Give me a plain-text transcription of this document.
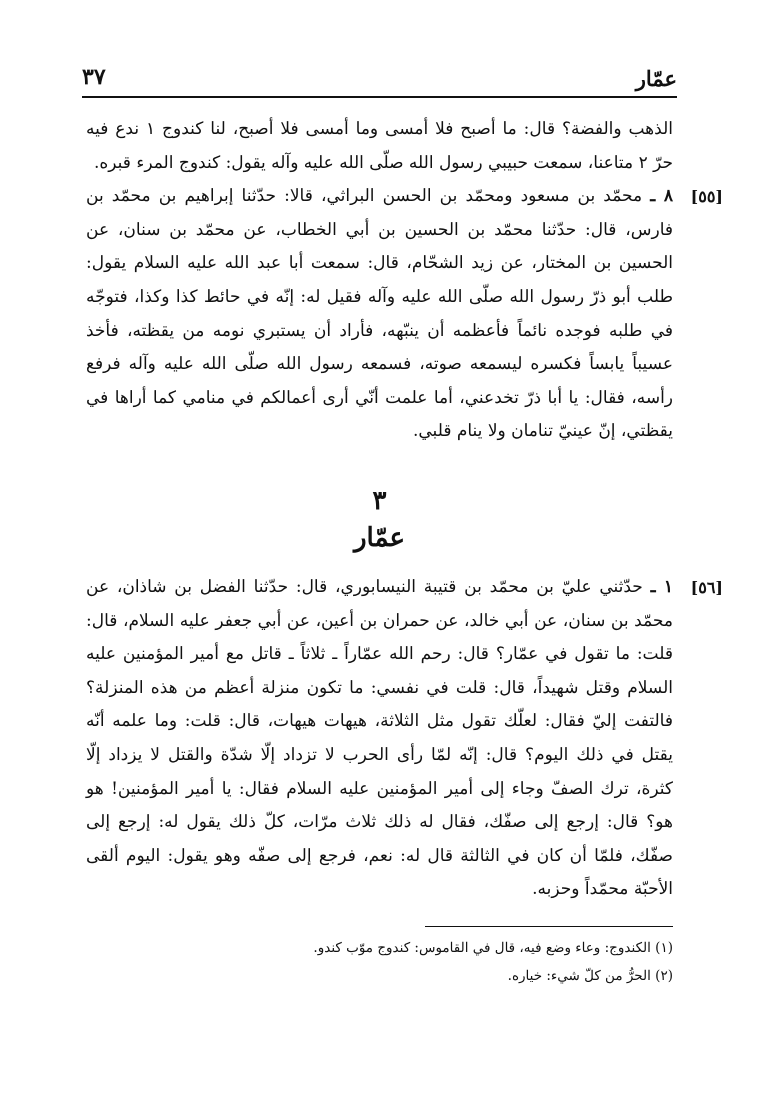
عمّار
٣٧

الذهب والفضة؟ قال: ما أصبح فلا أمسى وما أمسى فلا أصبح، لنا كندوج ١ ندع فيه حرّ ٢ متاعنا، سمعت حبيبي رسول الله صلّى الله عليه وآله يقول: كندوج المرء قبره.

[٥٥]

٨ ـ محمّد بن مسعود ومحمّد بن الحسن البراثي، قالا: حدّثنا إبراهيم بن محمّد بن فارس، قال: حدّثنا محمّد بن الحسين بن أبي الخطاب، عن محمّد بن سنان، عن الحسين بن المختار، عن زيد الشحّام، قال: سمعت أبا عبد الله عليه السلام يقول: طلب أبو ذرّ رسول الله صلّى الله عليه وآله فقيل له: إنّه في حائط كذا وكذا، فتوجّه في طلبه فوجده نائماً فأعظمه أن ينبّهه، فأراد أن يستبري نومه من يقظته، فأخذ عسيباً يابساً فكسره ليسمعه صوته، فسمعه رسول الله صلّى الله عليه وآله فرفع رأسه، فقال: يا أبا ذرّ تخدعني، أما علمت أنّي أرى أعمالكم في منامي كما أراها في يقظتي، إنّ عينيّ تنامان ولا ينام قلبي.

٣
عمّار
[٥٦]

١ ـ حدّثني عليّ بن محمّد بن قتيبة النيسابوري، قال: حدّثنا الفضل بن شاذان، عن محمّد بن سنان، عن أبي خالد، عن حمران بن أعين، عن أبي جعفر عليه السلام، قال: قلت: ما تقول في عمّار؟ قال: رحم الله عمّاراً ـ ثلاثاً ـ قاتل مع أمير المؤمنين عليه السلام وقتل شهيداً، قال: قلت في نفسي: ما تكون منزلة أعظم من هذه المنزلة؟ فالتفت إليّ فقال: لعلّك تقول مثل الثلاثة، هيهات هيهات، قال: قلت: وما علمه أنّه يقتل في ذلك اليوم؟ قال: إنّه لمّا رأى الحرب لا تزداد إلّا شدّة والقتل لا يزداد إلّا كثرة، ترك الصفّ وجاء إلى أمير المؤمنين عليه السلام فقال: يا أمير المؤمنين! هو هو؟ قال: إرجع إلى صفّك، فقال له ذلك ثلاث مرّات، كلّ ذلك يقول له: إرجع إلى صفّك، فلمّا أن كان في الثالثة قال له: نعم، فرجع إلى صفّه وهو يقول: اليوم ألقى الأحبّة محمّداً وحزبه.

(١) الكندوج: وعاء وضع فيه، قال في القاموس: كندوج موّب كندو.

(٢) الحرُّ من كلّ شيء: خياره.
